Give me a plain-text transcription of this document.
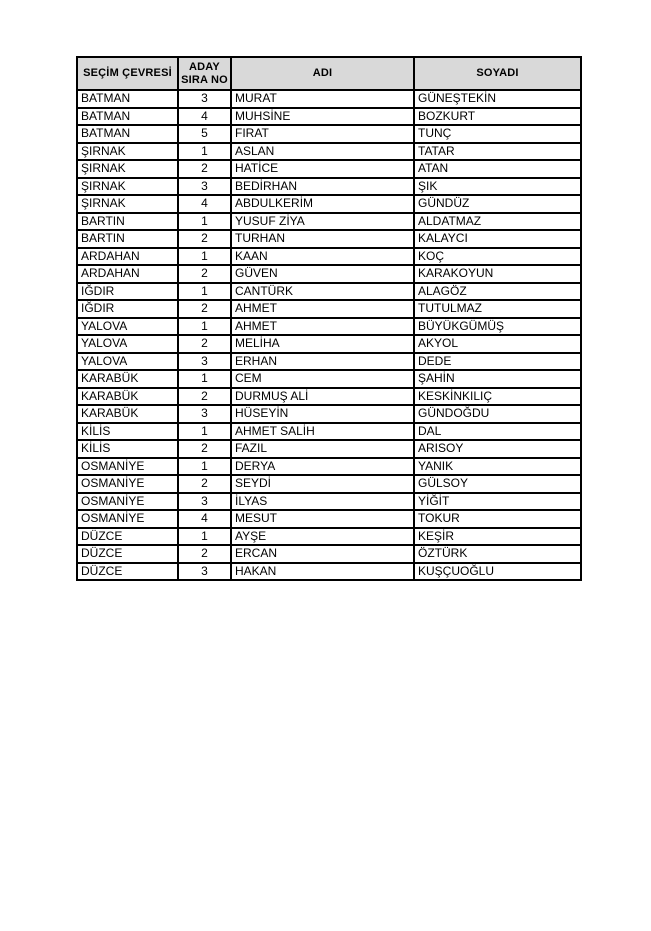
SEÇİM ÇEVRESİ	ADAY SIRA NO	ADI	SOYADI
BATMAN	3	MURAT	GÜNEŞTEKİN
BATMAN	4	MUHSİNE	BOZKURT
BATMAN	5	FIRAT	TUNÇ
ŞIRNAK	1	ASLAN	TATAR
ŞIRNAK	2	HATİCE	ATAN
ŞIRNAK	3	BEDİRHAN	ŞIK
ŞIRNAK	4	ABDULKERİM	GÜNDÜZ
BARTIN	1	YUSUF ZİYA	ALDATMAZ
BARTIN	2	TURHAN	KALAYCI
ARDAHAN	1	KAAN	KOÇ
ARDAHAN	2	GÜVEN	KARAKOYUN
IĞDIR	1	CANTÜRK	ALAGÖZ
IĞDIR	2	AHMET	TUTULMAZ
YALOVA	1	AHMET	BÜYÜKGÜMÜŞ
YALOVA	2	MELİHA	AKYOL
YALOVA	3	ERHAN	DEDE
KARABÜK	1	CEM	ŞAHİN
KARABÜK	2	DURMUŞ ALİ	KESKİNKILIÇ
KARABÜK	3	HÜSEYİN	GÜNDOĞDU
KİLİS	1	AHMET SALİH	DAL
KİLİS	2	FAZIL	ARISOY
OSMANİYE	1	DERYA	YANIK
OSMANİYE	2	SEYDİ	GÜLSOY
OSMANİYE	3	İLYAS	YİĞİT
OSMANİYE	4	MESUT	TOKUR
DÜZCE	1	AYŞE	KEŞİR
DÜZCE	2	ERCAN	ÖZTÜRK
DÜZCE	3	HAKAN	KUŞÇUOĞLU
